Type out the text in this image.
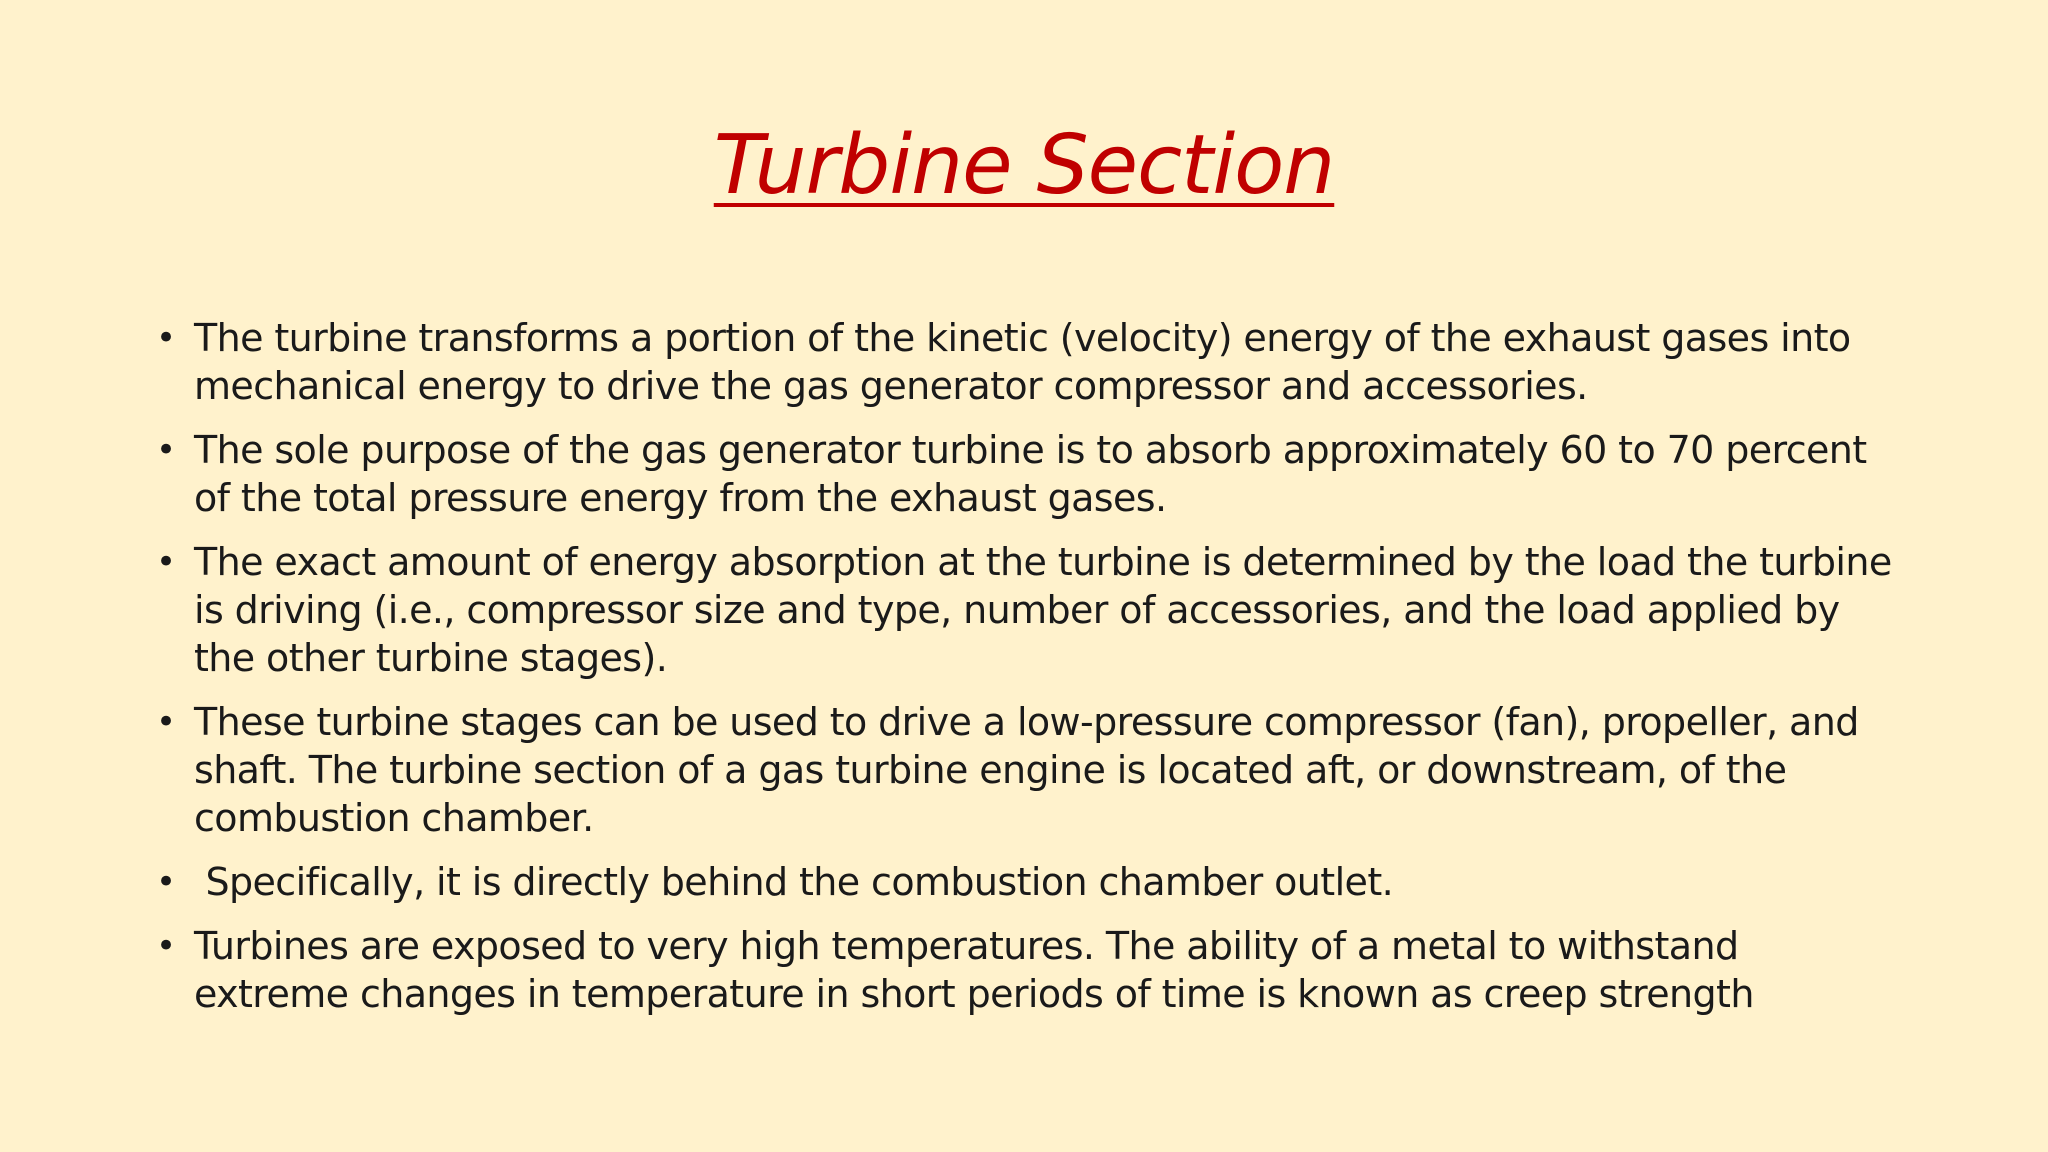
Turbine Section
• The turbine transforms a portion of the kinetic (velocity) energy of the exhaust gases into mechanical energy to drive the gas generator compressor and accessories.
• The sole purpose of the gas generator turbine is to absorb approximately 60 to 70 percent of the total pressure energy from the exhaust gases.
• The exact amount of energy absorption at the turbine is determined by the load the turbine is driving (i.e., compressor size and type, number of accessories, and the load applied by the other turbine stages).
• These turbine stages can be used to drive a low-pressure compressor (fan), propeller, and shaft. The turbine section of a gas turbine engine is located aft, or downstream, of the combustion chamber.
• Specifically, it is directly behind the combustion chamber outlet.
• Turbines are exposed to very high temperatures. The ability of a metal to withstand extreme changes in temperature in short periods of time is known as creep strength
